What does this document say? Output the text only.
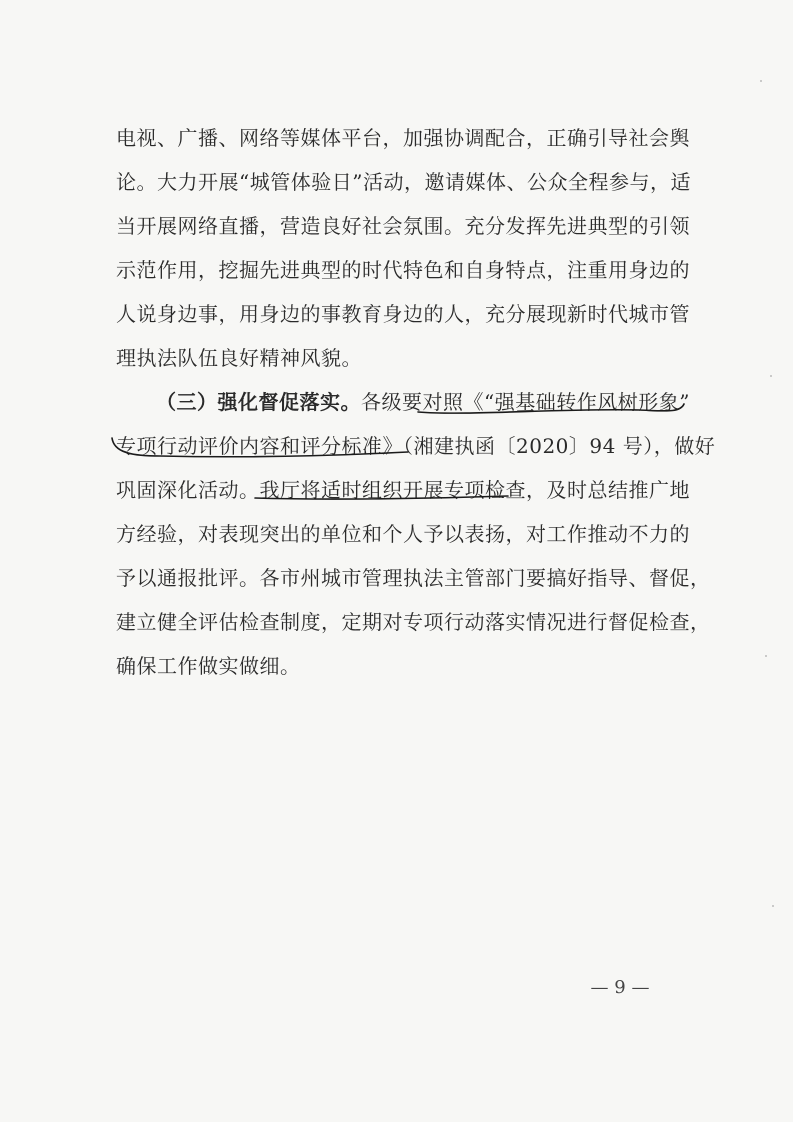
电视、广播、网络等媒体平台，加强协调配合，正确引导社会舆
论。大力开展“城管体验日”活动，邀请媒体、公众全程参与，适
当开展网络直播，营造良好社会氛围。充分发挥先进典型的引领
示范作用，挖掘先进典型的时代特色和自身特点，注重用身边的
人说身边事，用身边的事教育身边的人，充分展现新时代城市管
理执法队伍良好精神风貌。
（三）强化督促落实。各级要对照《“强基础转作风树形象”
专项行动评价内容和评分标准》（湘建执函〔2020〕94 号），做好
巩固深化活动。我厅将适时组织开展专项检查，及时总结推广地
方经验，对表现突出的单位和个人予以表扬，对工作推动不力的
予以通报批评。各市州城市管理执法主管部门要搞好指导、督促，
建立健全评估检查制度，定期对专项行动落实情况进行督促检查，
确保工作做实做细。
— 9 —
